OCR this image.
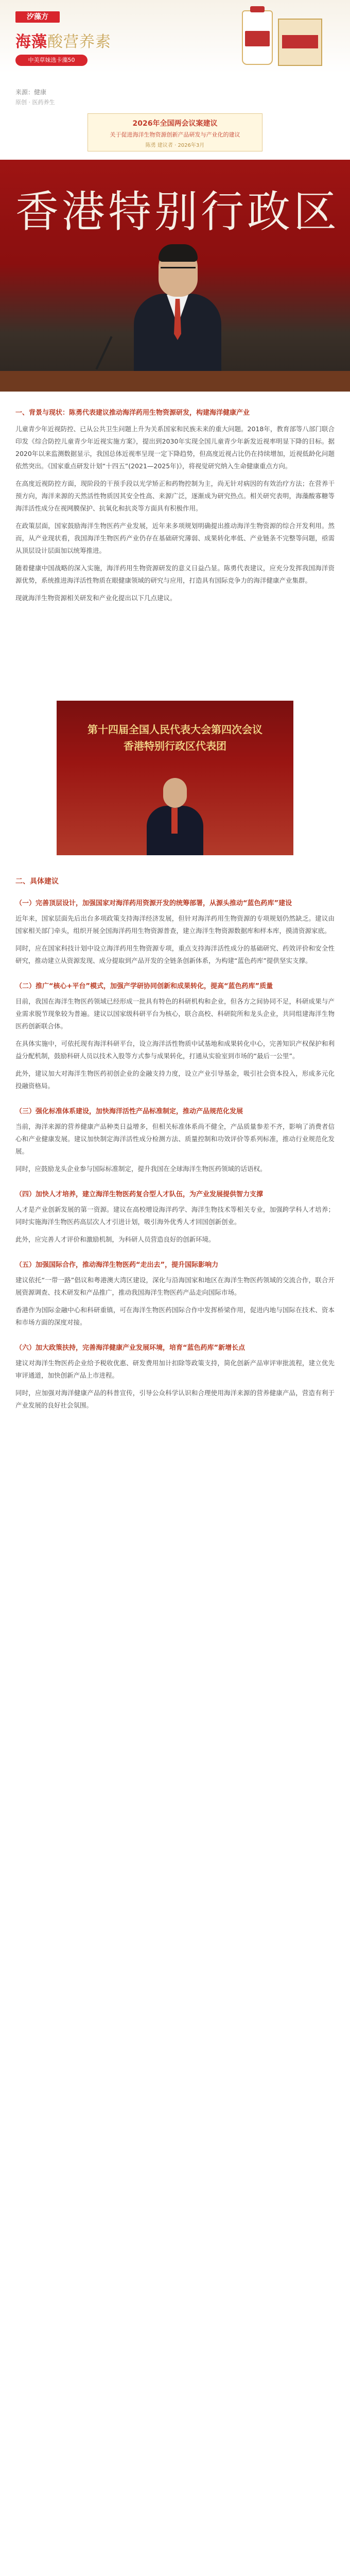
汐藻方
海藻酸营养素
中美草妹选卡藻50
来源：健康
原创 · 医药养生
2026年全国两会议案建议
关于促进海洋生物资源创新产品研发与产业化的建议
陈勇 建议者 · 2026年3月
香港特别行政区
一、背景与现状：陈勇代表建议推动海洋药用生物资源研发，构建海洋健康产业

儿童青少年近视防控、已从公共卫生问题上升为关系国家和民族未来的重大问题。2018年，教育部等八部门联合印发《综合防控儿童青少年近视实施方案》，提出到2030年实现全国儿童青少年新发近视率明显下降的目标。据2020年以来监测数据显示，我国总体近视率呈现一定下降趋势，但高度近视占比仍在持续增加，近视低龄化问题依然突出。《国家重点研发计划“十四五”(2021—2025年)》，将视觉研究纳入生命健康重点方向。

在高度近视防控方面，现阶段的干预手段以光学矫正和药物控制为主，尚无针对病因的有效治疗方法；在营养干预方向，海洋来源的天然活性物质因其安全性高、来源广泛，逐渐成为研究热点。相关研究表明，海藻酸寡糖等海洋活性成分在视网膜保护、抗氧化和抗炎等方面具有积极作用。

在政策层面，国家鼓励海洋生物医药产业发展，近年来多项规划明确提出推动海洋生物资源的综合开发利用。然而，从产业现状看，我国海洋生物医药产业仍存在基础研究薄弱、成果转化率低、产业链条不完整等问题，亟需从顶层设计层面加以统筹推进。

随着健康中国战略的深入实施，海洋药用生物资源研发的意义日益凸显。陈勇代表建议，应充分发挥我国海洋资源优势，系统推进海洋活性物质在眼健康领域的研究与应用，打造具有国际竞争力的海洋健康产业集群。

现就海洋生物资源相关研发和产业化提出以下几点建议。

第十四届全国人民代表大会第四次会议
香港特别行政区代表团
二、具体建议
（一）完善顶层设计，加强国家对海洋药用资源开发的统筹部署，从源头推动“蓝色药库”建设

近年来，国家层面先后出台多项政策支持海洋经济发展，但针对海洋药用生物资源的专项规划仍然缺乏。建议由国家相关部门牵头，组织开展全国海洋药用生物资源普查，建立海洋生物资源数据库和样本库，摸清资源家底。

同时，应在国家科技计划中设立海洋药用生物资源专项，重点支持海洋活性成分的基础研究、药效评价和安全性研究，推动建立从资源发现、成分提取到产品开发的全链条创新体系，为构建“蓝色药库”提供坚实支撑。

（二）推广“核心+平台”模式，加强产学研协同创新和成果转化，提高“蓝色药库”质量

目前，我国在海洋生物医药领域已经形成一批具有特色的科研机构和企业，但各方之间协同不足，科研成果与产业需求脱节现象较为普遍。建议以国家级科研平台为核心，联合高校、科研院所和龙头企业，共同组建海洋生物医药创新联合体。

在具体实施中，可依托现有海洋科研平台，设立海洋活性物质中试基地和成果转化中心，完善知识产权保护和利益分配机制，鼓励科研人员以技术入股等方式参与成果转化，打通从实验室到市场的“最后一公里”。

此外，建议加大对海洋生物医药初创企业的金融支持力度，设立产业引导基金，吸引社会资本投入，形成多元化投融资格局。

（三）强化标准体系建设，加快海洋活性产品标准制定，推动产品规范化发展

当前，海洋来源的营养健康产品种类日益增多，但相关标准体系尚不健全，产品质量参差不齐，影响了消费者信心和产业健康发展。建议加快制定海洋活性成分检测方法、质量控制和功效评价等系列标准，推动行业规范化发展。

同时，应鼓励龙头企业参与国际标准制定，提升我国在全球海洋生物医药领域的话语权。

（四）加快人才培养，建立海洋生物医药复合型人才队伍，为产业发展提供智力支撑

人才是产业创新发展的第一资源。建议在高校增设海洋药学、海洋生物技术等相关专业，加强跨学科人才培养；同时实施海洋生物医药高层次人才引进计划，吸引海外优秀人才回国创新创业。

此外，应完善人才评价和激励机制，为科研人员营造良好的创新环境。

（五）加强国际合作，推动海洋生物医药“走出去”，提升国际影响力

建议依托“一带一路”倡议和粤港澳大湾区建设，深化与沿海国家和地区在海洋生物医药领域的交流合作，联合开展资源调查、技术研发和产品推广，推动我国海洋生物医药产品走向国际市场。

香港作为国际金融中心和科研重镇，可在海洋生物医药国际合作中发挥桥梁作用，促进内地与国际在技术、资本和市场方面的深度对接。

（六）加大政策扶持，完善海洋健康产业发展环境，培育“蓝色药库”新增长点

建议对海洋生物医药企业给予税收优惠、研发费用加计扣除等政策支持，简化创新产品审评审批流程，建立优先审评通道，加快创新产品上市进程。

同时，应加强对海洋健康产品的科普宣传，引导公众科学认识和合理使用海洋来源的营养健康产品，营造有利于产业发展的良好社会氛围。
